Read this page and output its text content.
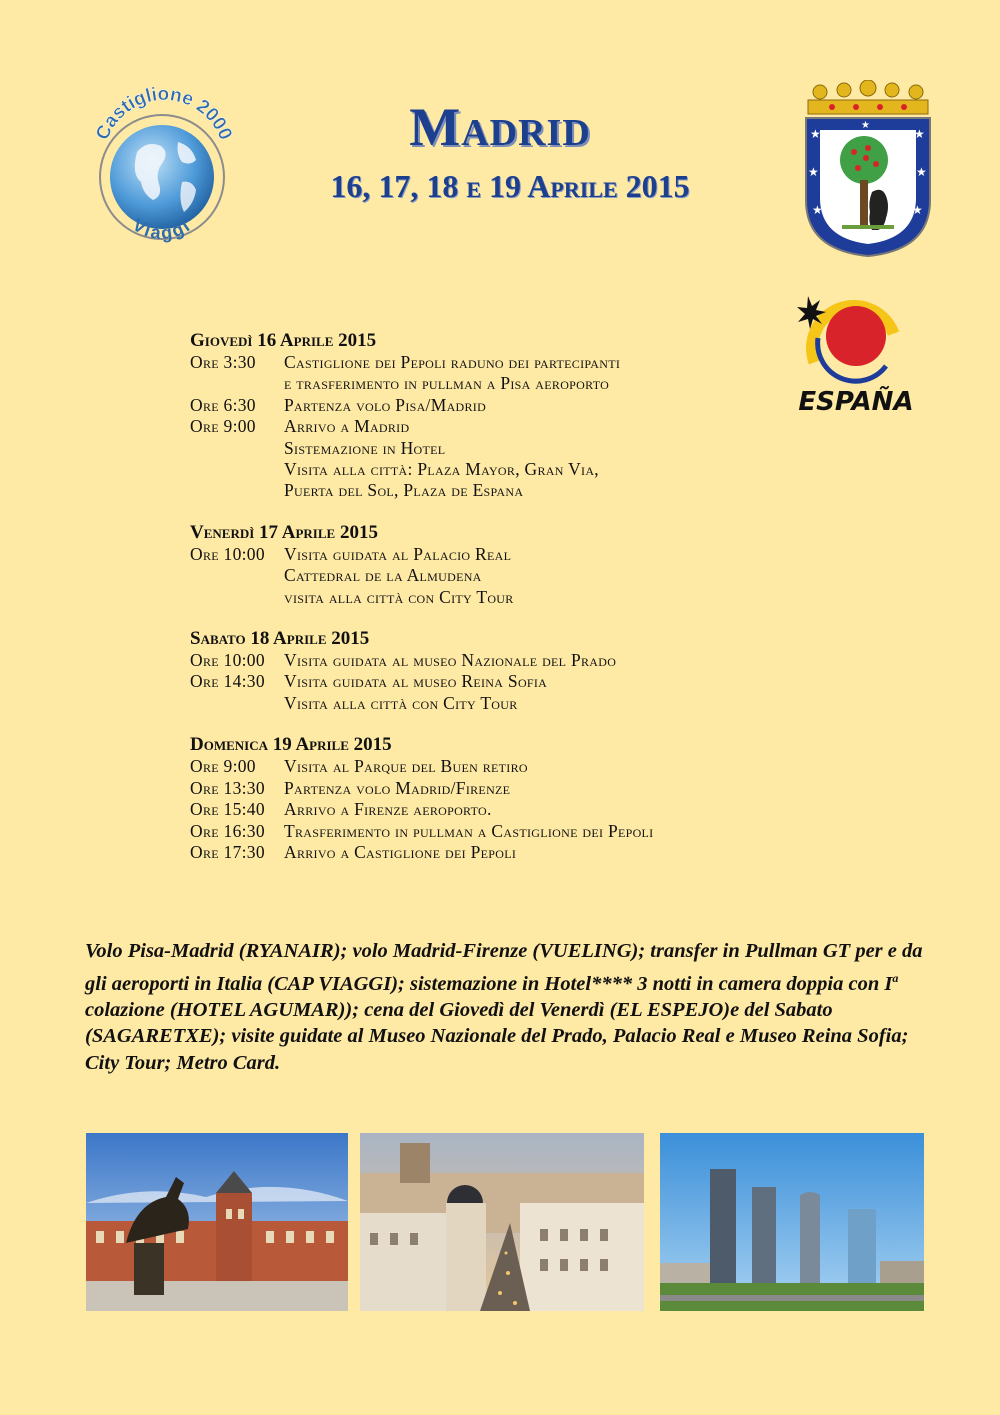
Castiglione 2000
Viaggi
Madrid
16, 17, 18 e 19 Aprile 2015
★	★
★	★
★	★
★
ESPAÑA
Giovedì 16 Aprile 2015
Ore 3:30	Castiglione dei Pepoli raduno dei partecipanti
e trasferimento in pullman a Pisa aeroporto
Ore 6:30	Partenza volo Pisa/Madrid
Ore 9:00	Arrivo a Madrid
Sistemazione in Hotel
Visita alla città: Plaza Mayor, Gran Via,
Puerta del Sol, Plaza de Espana
Venerdì 17 Aprile 2015
Ore 10:00	Visita guidata al Palacio Real
Cattedral de la Almudena
visita alla città con City Tour
Sabato 18 Aprile 2015
Ore 10:00	Visita guidata al museo Nazionale del Prado
Ore 14:30	Visita guidata al museo Reina Sofia
Visita alla città con City Tour
Domenica 19 Aprile 2015
Ore 9:00	Visita al Parque del Buen retiro
Ore 13:30	Partenza volo Madrid/Firenze
Ore 15:40	Arrivo a Firenze aeroporto.
Ore 16:30	Trasferimento in pullman a Castiglione dei Pepoli
Ore 17:30	Arrivo a Castiglione dei Pepoli
Volo Pisa-Madrid (RYANAIR); volo Madrid-Firenze (VUELING); transfer in Pullman GT per e da gli aeroporti in Italia (CAP VIAGGI); sistemazione in Hotel**** 3 notti in camera doppia con $I^a$ colazione (HOTEL AGUMAR)); cena del Giovedì del Venerdì (EL ESPEJO)e del Sabato (SAGARETXE); visite guidate al Museo Nazionale del Prado, Palacio Real e Museo Reina Sofia; City Tour; Metro Card.
